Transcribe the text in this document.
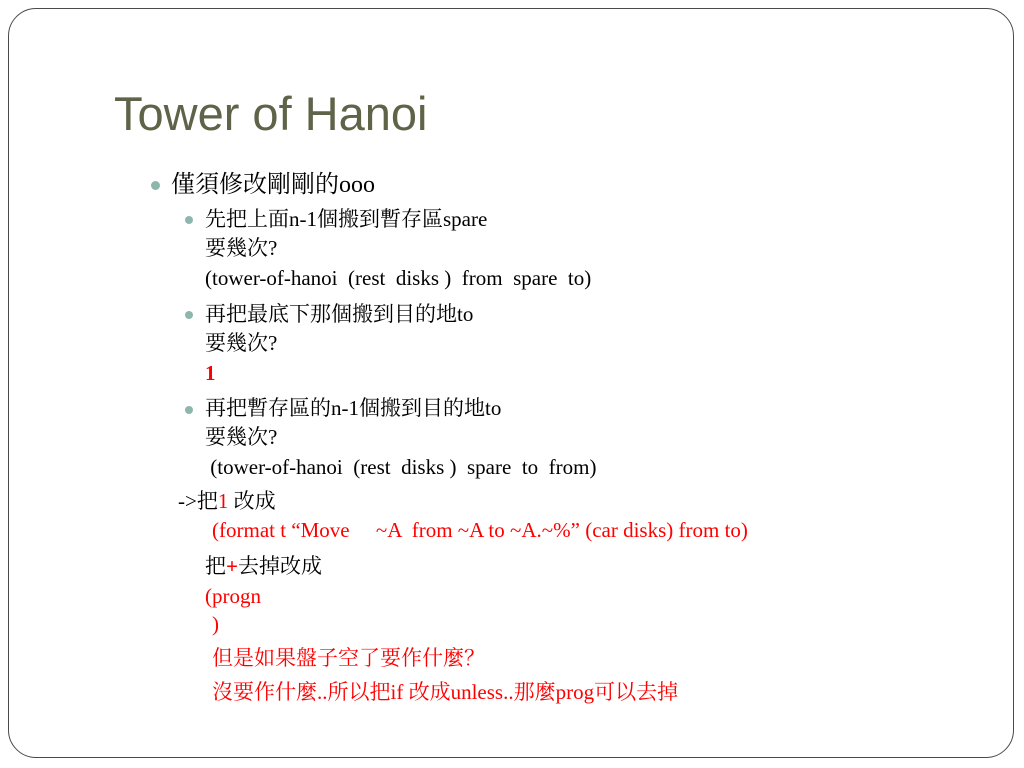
Tower of Hanoi
僅須修改剛剛的ooo
先把上面n-1個搬到暫存區spare
要幾次?
(tower-of-hanoi  (rest  disks )  from  spare  to)
再把最底下那個搬到目的地to
要幾次?
1
再把暫存區的n-1個搬到目的地to
要幾次?
(tower-of-hanoi  (rest  disks )  spare  to  from)
->把1 改成
(format t “Move     ~A  from ~A to ~A.~%” (car disks) from to)
把+去掉改成
(progn
)
但是如果盤子空了要作什麼？
沒要作什麼..所以把if 改成unless..那麼prog可以去掉
